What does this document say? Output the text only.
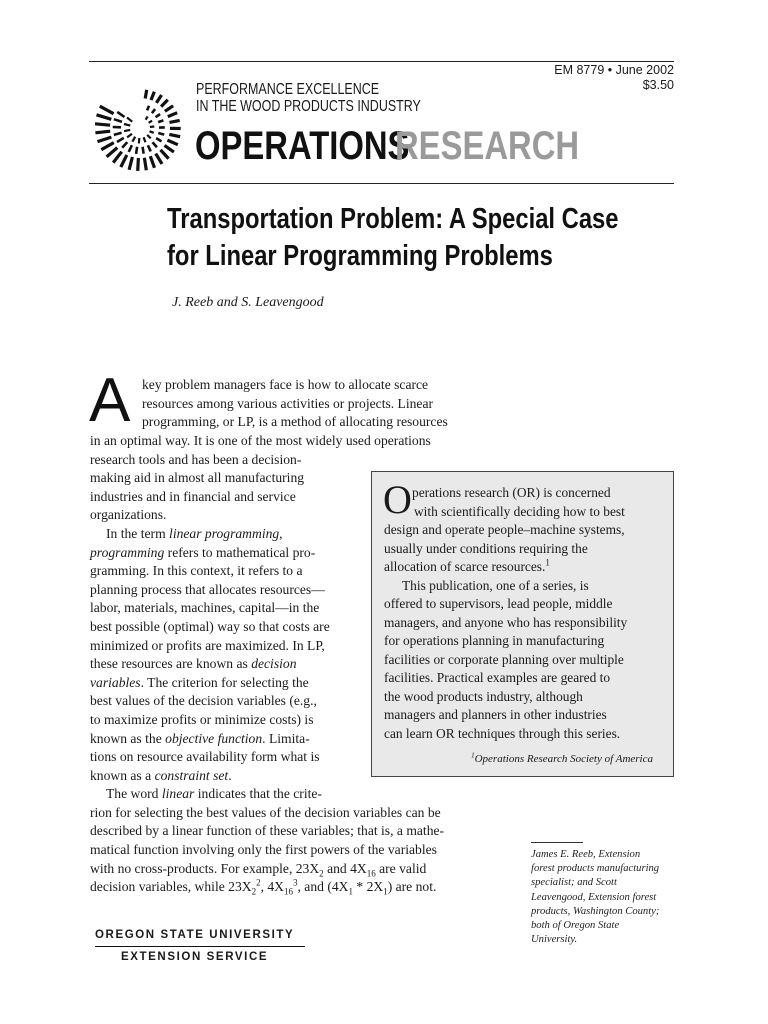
EM 8779 • June 2002
$3.50
PERFORMANCE EXCELLENCE
IN THE WOOD PRODUCTS INDUSTRY
OPERATIONS
RESEARCH
Transportation Problem: A Special Case
for Linear Programming Problems
J. Reeb and S. Leavengood
A key problem managers face is how to allocate scarce
resources among various activities or projects. Linear
programming, or LP, is a method of allocating resources
in an optimal way. It is one of the most widely used operations
research tools and has been a decision-
making aid in almost all manufacturing
industries and in financial and service
organizations.
In the term linear programming,
programming refers to mathematical pro-
gramming. In this context, it refers to a
planning process that allocates resources—
labor, materials, machines, capital—in the
best possible (optimal) way so that costs are
minimized or profits are maximized. In LP,
these resources are known as decision
variables. The criterion for selecting the
best values of the decision variables (e.g.,
to maximize profits or minimize costs) is
known as the objective function. Limita-
tions on resource availability form what is
known as a constraint set.
The word linear indicates that the crite-
rion for selecting the best values of the decision variables can be
described by a linear function of these variables; that is, a mathe-
matical function involving only the first powers of the variables
with no cross-products. For example, $23X_2$ and $4X_{16}$ are valid
decision variables, while $23X_2^2$, $4X_{16}^3$, and $(4X_1 * 2X_1)$ are not.
O perations research (OR) is concerned
with scientifically deciding how to best
design and operate people–machine systems,
usually under conditions requiring the
allocation of scarce resources.$^1$
This publication, one of a series, is
offered to supervisors, lead people, middle
managers, and anyone who has responsibility
for operations planning in manufacturing
facilities or corporate planning over multiple
facilities. Practical examples are geared to
the wood products industry, although
managers and planners in other industries
can learn OR techniques through this series.
$^1$Operations Research Society of America
James E. Reeb, Extension
forest products manufacturing
specialist; and Scott
Leavengood, Extension forest
products, Washington County;
both of Oregon State
University.
OREGON STATE UNIVERSITY
EXTENSION SERVICE
